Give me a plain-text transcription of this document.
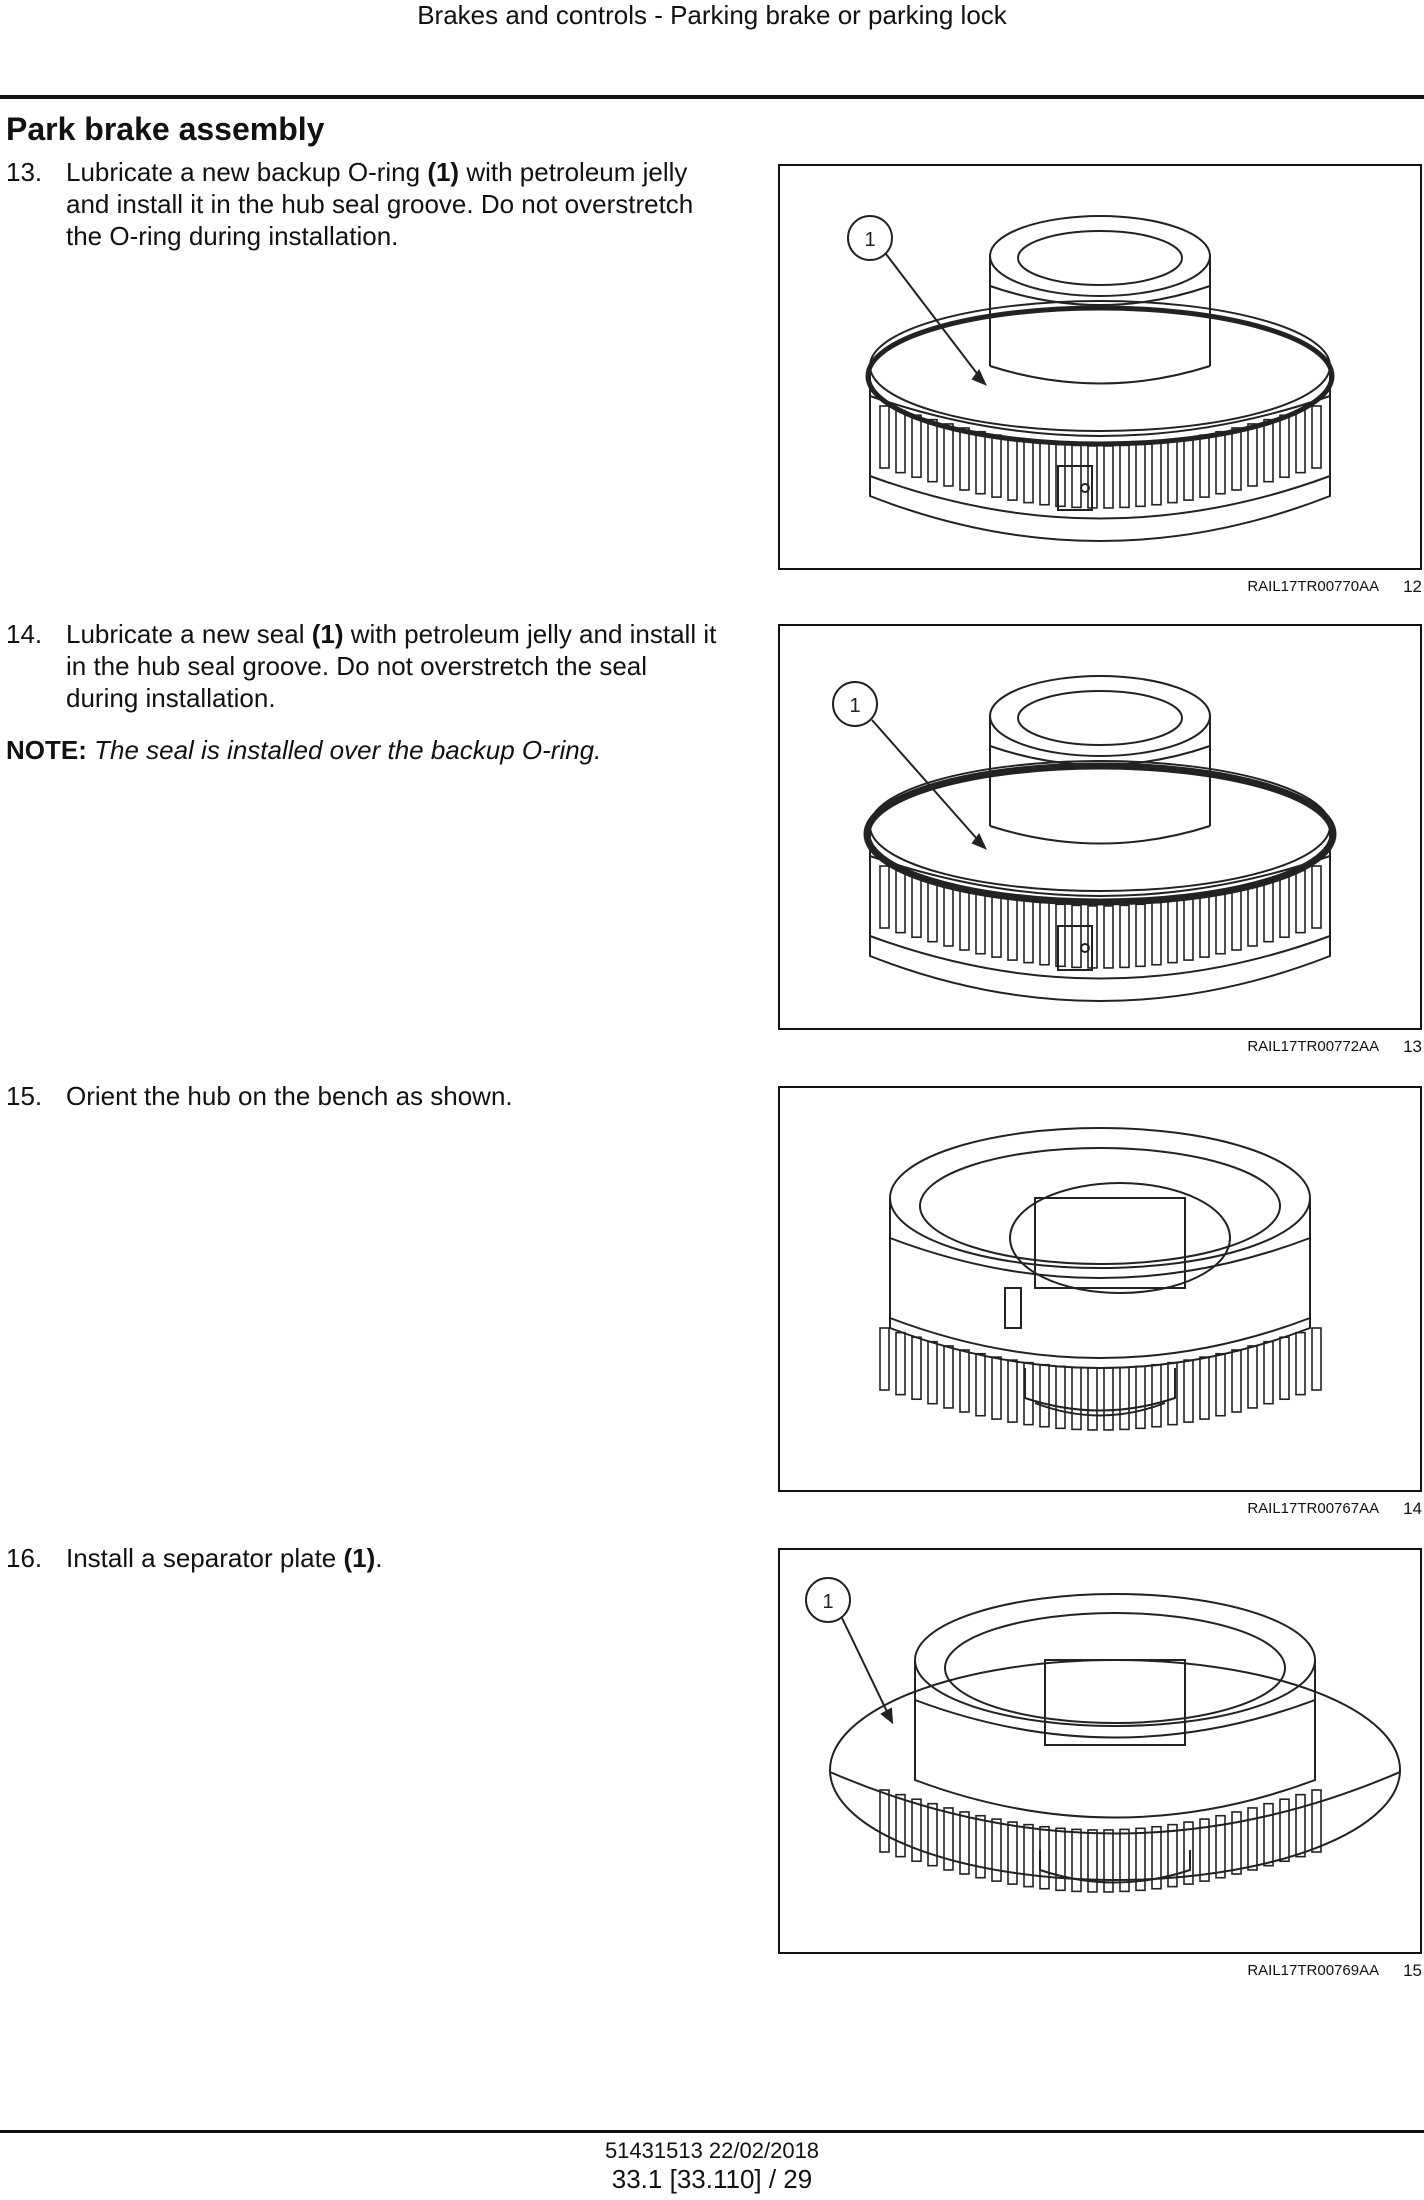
Brakes and controls - Parking brake or parking lock
Park brake assembly
13. Lubricate a new backup O-ring (1) with petroleum jelly and install it in the hub seal groove. Do not overstretch the O-ring during installation.
14. Lubricate a new seal (1) with petroleum jelly and install it in the hub seal groove. Do not overstretch the seal during installation.
NOTE: The seal is installed over the backup O-ring.
15. Orient the hub on the bench as shown.
16. Install a separator plate (1).
1
RAIL17TR00770AA 12
1
RAIL17TR00772AA 13
RAIL17TR00767AA 14
1
RAIL17TR00769AA 15
51431513 22/02/2018
33.1 [33.110] / 29
